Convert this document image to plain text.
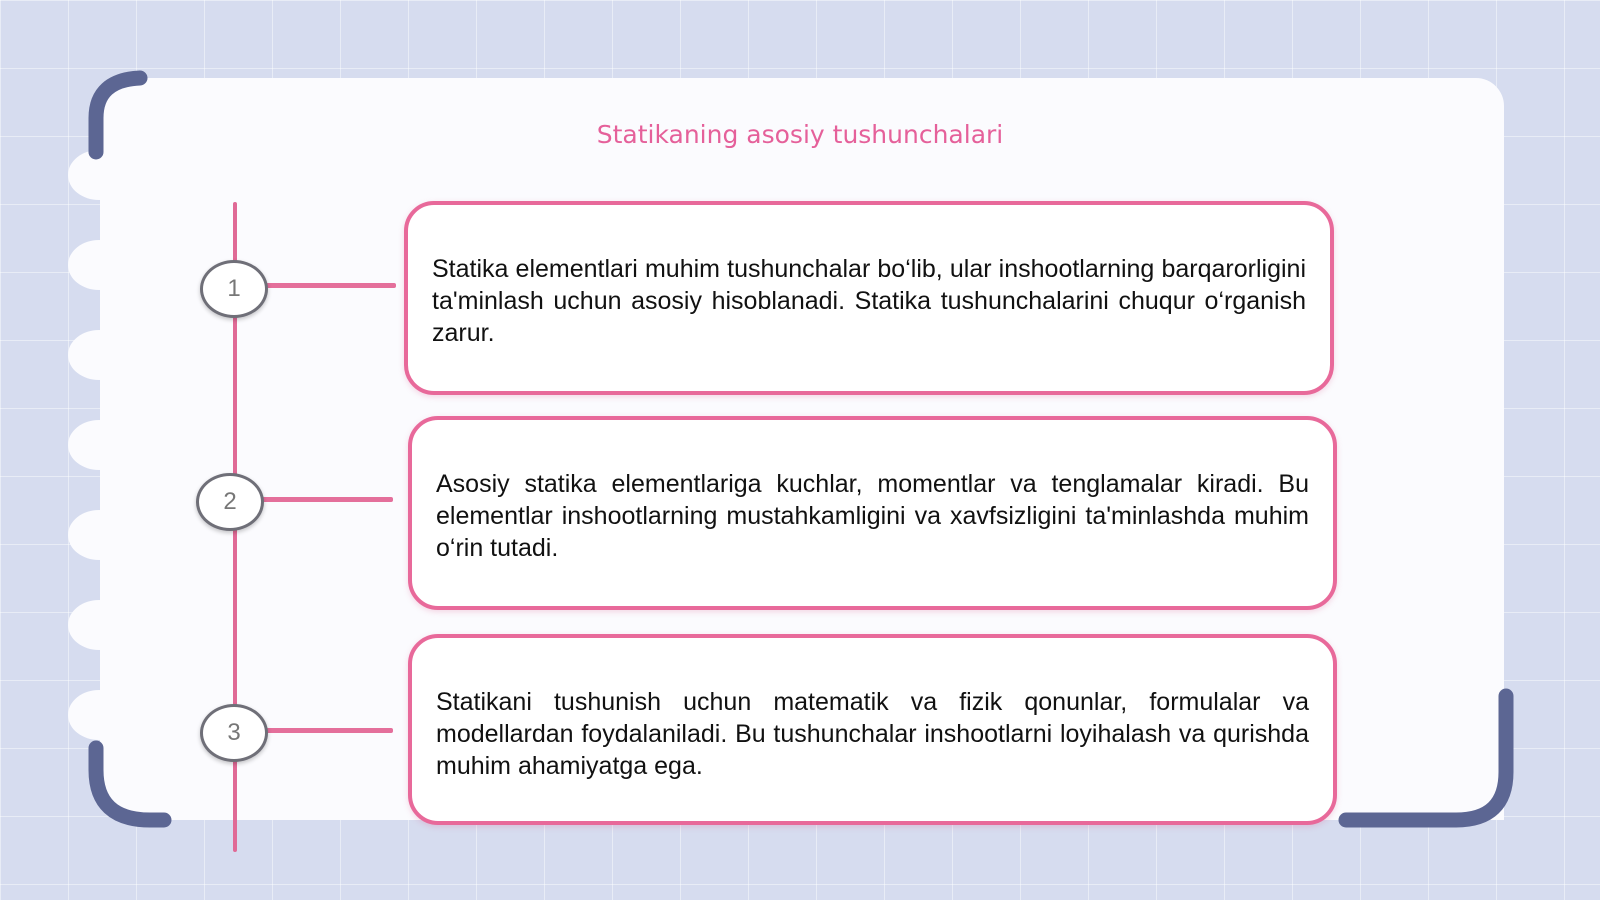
Statikaning asosiy tushunchalari
1
2
3
Statika elementlari muhim tushunchalar bo‘lib, ular inshootlarning barqarorligini ta'minlash uchun asosiy hisoblanadi. Statika tushunchalarini chuqur o‘rganish zarur.
Asosiy statika elementlariga kuchlar, momentlar va tenglamalar kiradi. Bu elementlar inshootlarning mustahkamligini va xavfsizligini ta'minlashda muhim o‘rin tutadi.
Statikani tushunish uchun matematik va fizik qonunlar, formulalar va modellardan foydalaniladi. Bu tushunchalar inshootlarni loyihalash va qurishda muhim ahamiyatga ega.
